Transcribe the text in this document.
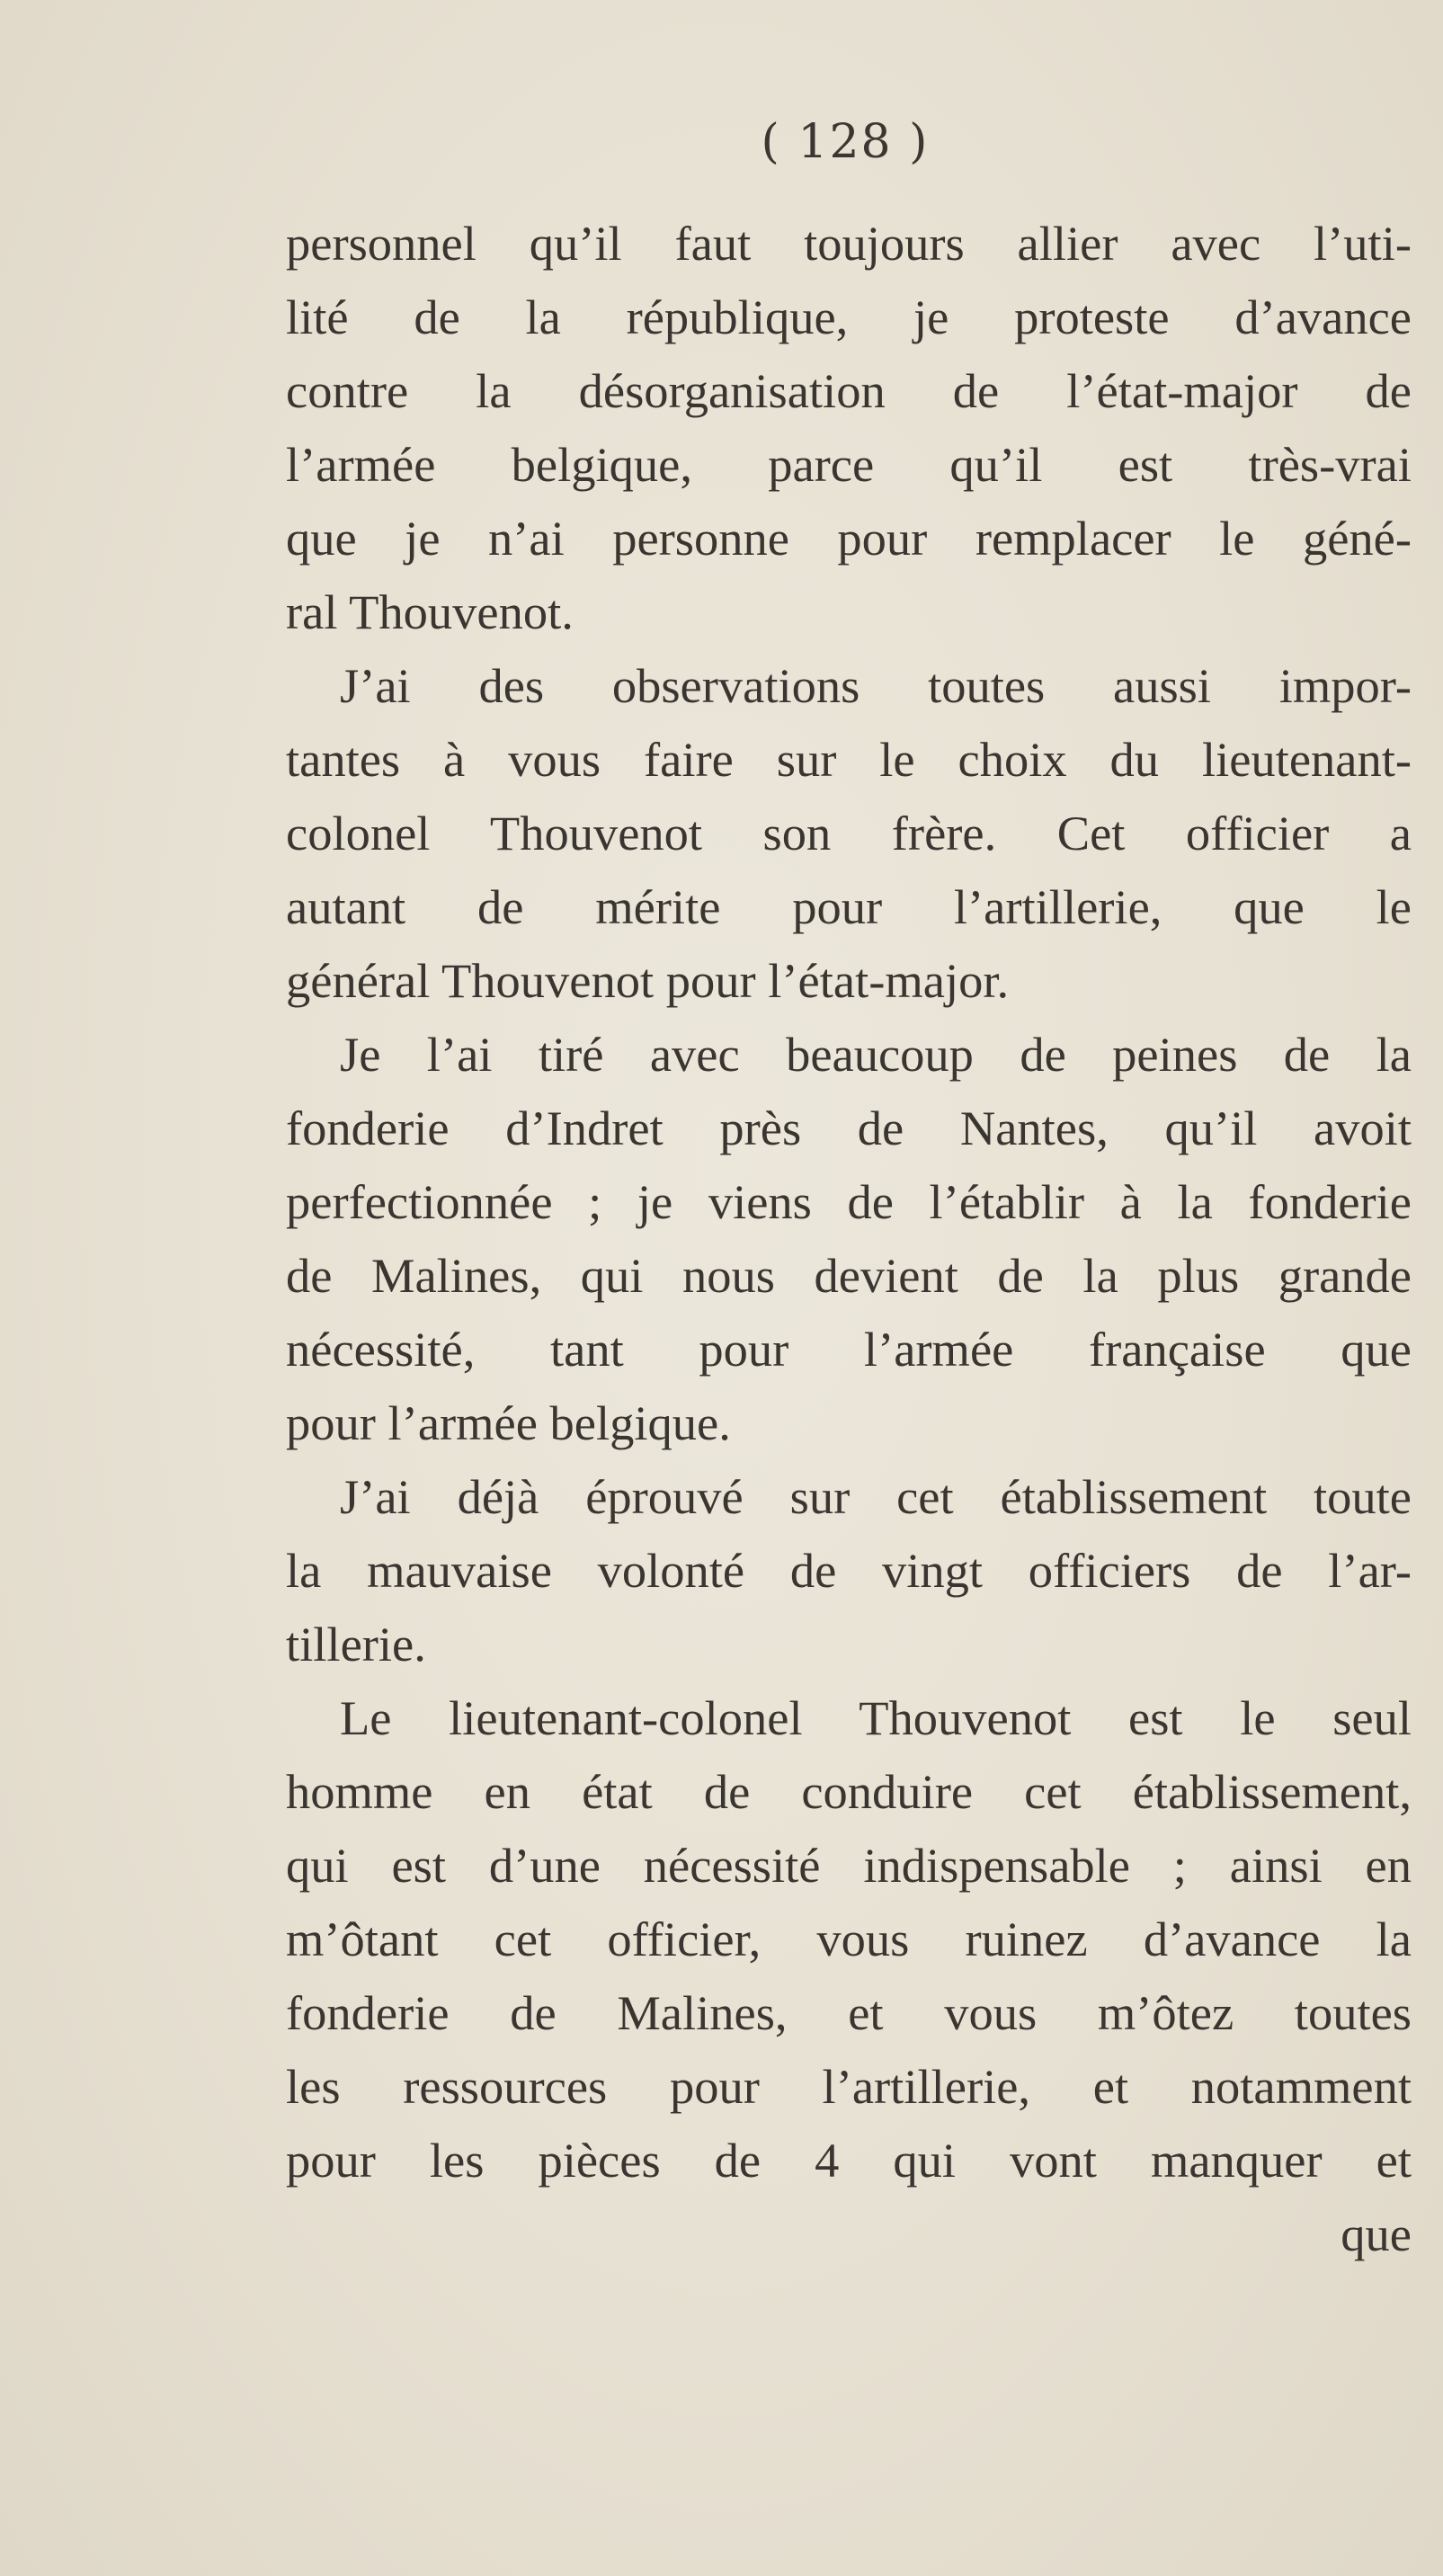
( 128 )
personnel qu’il faut toujours allier avec l’uti-
lité de la république, je proteste d’avance
contre la désorganisation de l’état-major de
l’armée belgique, parce qu’il est très-vrai
que je n’ai personne pour remplacer le géné-
ral Thouvenot.
J’ai des observations toutes aussi impor-
tantes à vous faire sur le choix du lieutenant-
colonel Thouvenot son frère. Cet officier a
autant de mérite pour l’artillerie, que le
général Thouvenot pour l’état-major.
Je l’ai tiré avec beaucoup de peines de la
fonderie d’Indret près de Nantes, qu’il avoit
perfectionnée ; je viens de l’établir à la fonderie
de Malines, qui nous devient de la plus grande
nécessité, tant pour l’armée française que
pour l’armée belgique.
J’ai déjà éprouvé sur cet établissement toute
la mauvaise volonté de vingt officiers de l’ar-
tillerie.
Le lieutenant-colonel Thouvenot est le seul
homme en état de conduire cet établissement,
qui est d’une nécessité indispensable ; ainsi en
m’ôtant cet officier, vous ruinez d’avance la
fonderie de Malines, et vous m’ôtez toutes
les ressources pour l’artillerie, et notamment
pour les pièces de 4 qui vont manquer et
que
